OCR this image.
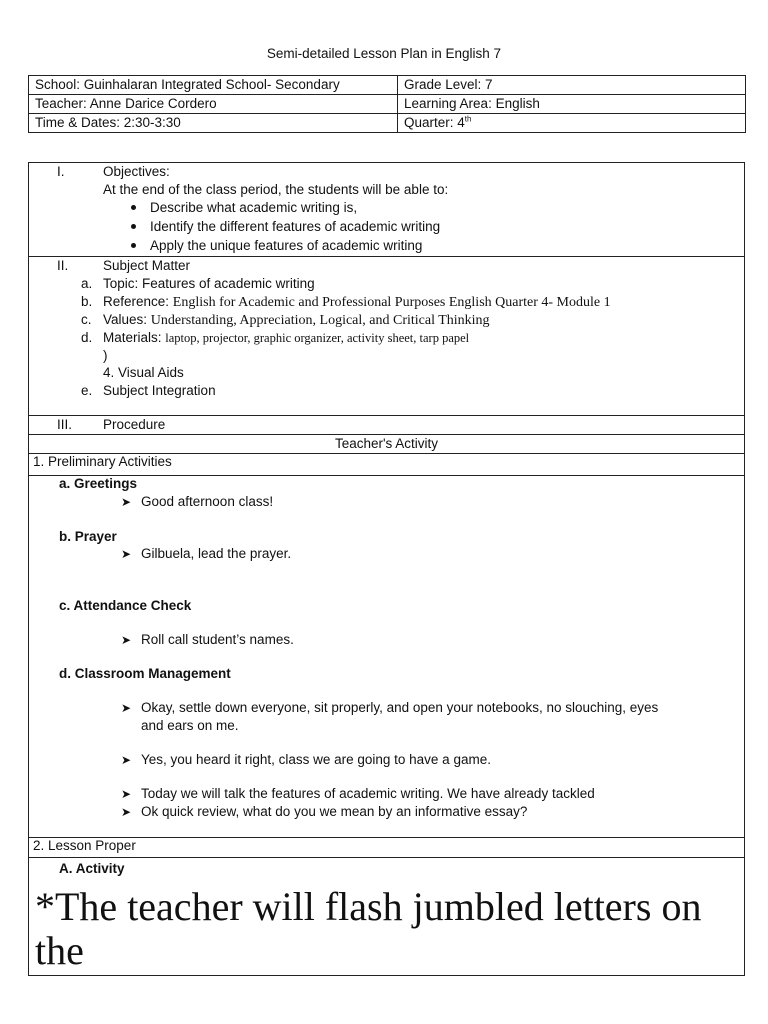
Semi-detailed Lesson Plan in English 7
School: Guinhalaran Integrated School- Secondary	Grade Level: 7
Teacher: Anne Darice Cordero	Learning Area: English
Time & Dates: 2:30-3:30	Quarter: 4th
I.	Objectives:
At the end of the class period, the students will be able to:
Describe what academic writing is,
Identify the different features of academic writing
Apply the unique features of academic writing
II.	Subject Matter
a. Topic: Features of academic writing
b. Reference: English for Academic and Professional Purposes English Quarter 4- Module 1
c. Values: Understanding, Appreciation, Logical, and Critical Thinking
d. Materials: laptop, projector, graphic organizer, activity sheet, tarp papel
)
4. Visual Aids
e. Subject Integration
III. Procedure
Teacher's Activity
1. Preliminary Activities
a. Greetings
➤ Good afternoon class!
b. Prayer
➤ Gilbuela, lead the prayer.
c. Attendance Check
➤ Roll call student’s names.
d. Classroom Management
➤ Okay, settle down everyone, sit properly, and open your notebooks, no slouching, eyes
and ears on me.
➤ Yes, you heard it right, class we are going to have a game.
➤ Today we will talk the features of academic writing. We have already tackled
➤ Ok quick review, what do you we mean by an informative essay?
2. Lesson Proper
A. Activity
*The teacher will flash jumbled letters on the
